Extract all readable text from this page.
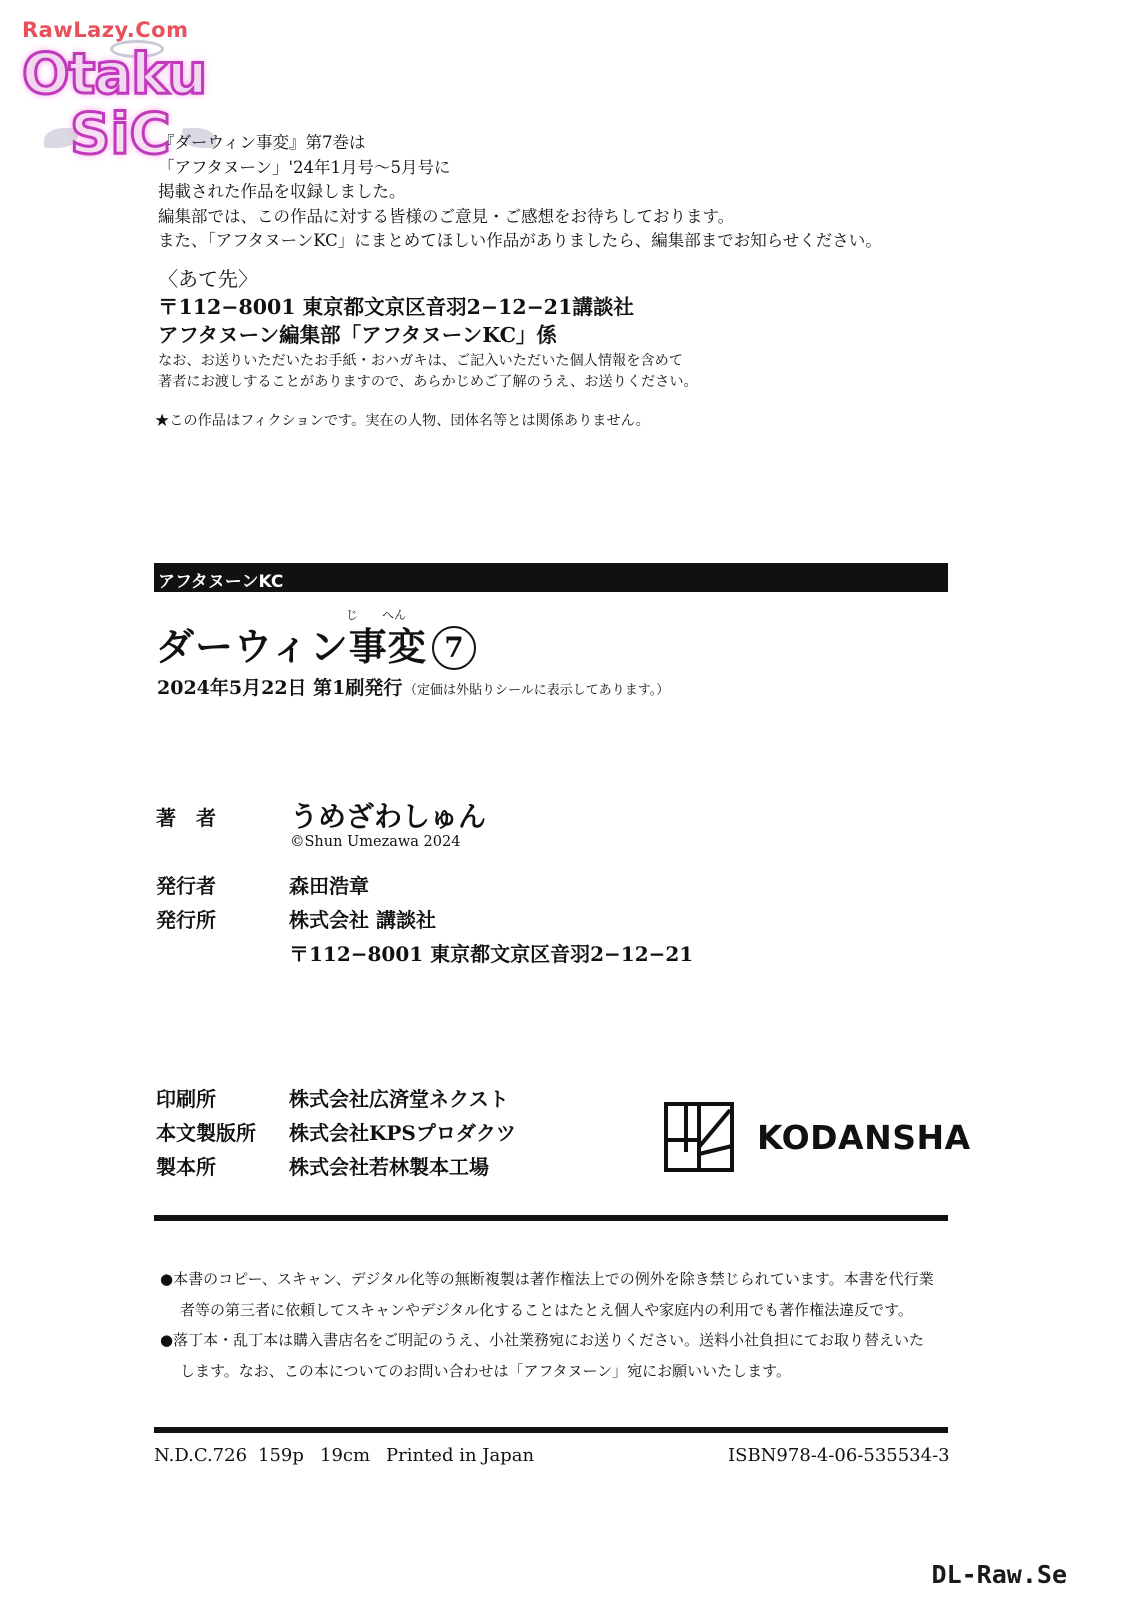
RawLazy.Com
Otaku
SiC
『ダーウィン事変』第7巻は
「アフタヌーン」'24年1月号〜5月号に
掲載された作品を収録しました。
編集部では、この作品に対する皆様のご意見・ご感想をお待ちしております。
また、「アフタヌーンKC」にまとめてほしい作品がありましたら、編集部までお知らせください。
〈あて先〉
〒112−8001 東京都文京区音羽2−12−21講談社
アフタヌーン編集部「アフタヌーンKC」係
なお、お送りいただいたお手紙・おハガキは、ご記入いただいた個人情報を含めて
著者にお渡しすることがありますので、あらかじめご了解のうえ、お送りください。
★この作品はフィクションです。実在の人物、団体名等とは関係ありません。
アフタヌーンKC
じ へん
ダーウィン事変 7
2024年5月22日 第1刷発行 （定価は外貼りシールに表示してあります。）
著　者	うめざわしゅん
©Shun Umezawa 2024
発行者	森田浩章
発行所	株式会社 講談社
〒112−8001 東京都文京区音羽2−12−21
印刷所	株式会社広済堂ネクスト
本文製版所 株式会社KPSプロダクツ
製本所	株式会社若林製本工場
KODANSHA
●本書のコピー、スキャン、デジタル化等の無断複製は著作権法上での例外を除き禁じられています。本書を代行業
者等の第三者に依頼してスキャンやデジタル化することはたとえ個人や家庭内の利用でも著作権法違反です。
●落丁本・乱丁本は購入書店名をご明記のうえ、小社業務宛にお送りください。送料小社負担にてお取り替えいた
します。なお、この本についてのお問い合わせは「アフタヌーン」宛にお願いいたします。
N.D.C.726 159p 19cm Printed in Japan	ISBN978-4-06-535534-3
DL-Raw.Se
